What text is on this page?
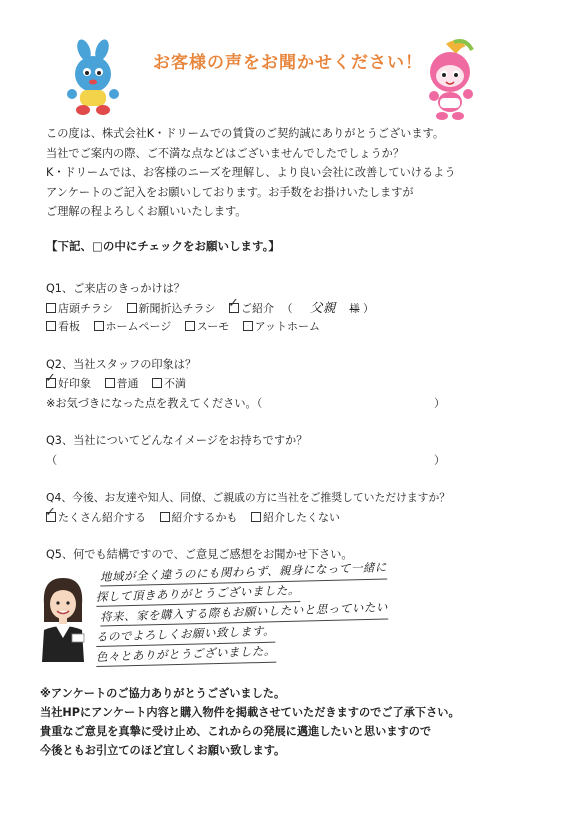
お客様の声をお聞かせください！
この度は、株式会社K・ドリームでの賃貸のご契約誠にありがとうございます。
当社でご案内の際、ご不満な点などはございませんでしたでしょうか？
K・ドリームでは、お客様のニーズを理解し、より良い会社に改善していけるよう
アンケートのご記入をお願いしております。お手数をお掛けいたしますが
ご理解の程よろしくお願いいたします。
【下記、□の中にチェックをお願いします。】
Q1、ご来店のきっかけは？
店頭チラシ 新聞折込チラシ ✓ ご紹介 （ 父親 様 ）
看板 ホームページ スーモ アットホーム
Q2、当社スタッフの印象は？
✓ 好印象 普通 不満
※お気づきになった点を教えてください。（	）
Q3、当社についてどんなイメージをお持ちですか？
（	）
Q4、今後、お友達や知人、同僚、ご親戚の方に当社をご推奨していただけますか？
✓ たくさん紹介する 紹介するかも 紹介したくない
Q5、何でも結構ですので、ご意見ご感想をお聞かせ下さい。
地域が全く違うのにも関わらず、親身になって一緒に
探して頂きありがとうございました。
将来、家を購入する際もお願いしたいと思っていたい
るのでよろしくお願い致します。
色々とありがとうございました。
※アンケートのご協力ありがとうございました。
当社HPにアンケート内容と購入物件を掲載させていただきますのでご了承下さい。
貴重なご意見を真摯に受け止め、これからの発展に邁進したいと思いますので
今後ともお引立てのほど宜しくお願い致します。
